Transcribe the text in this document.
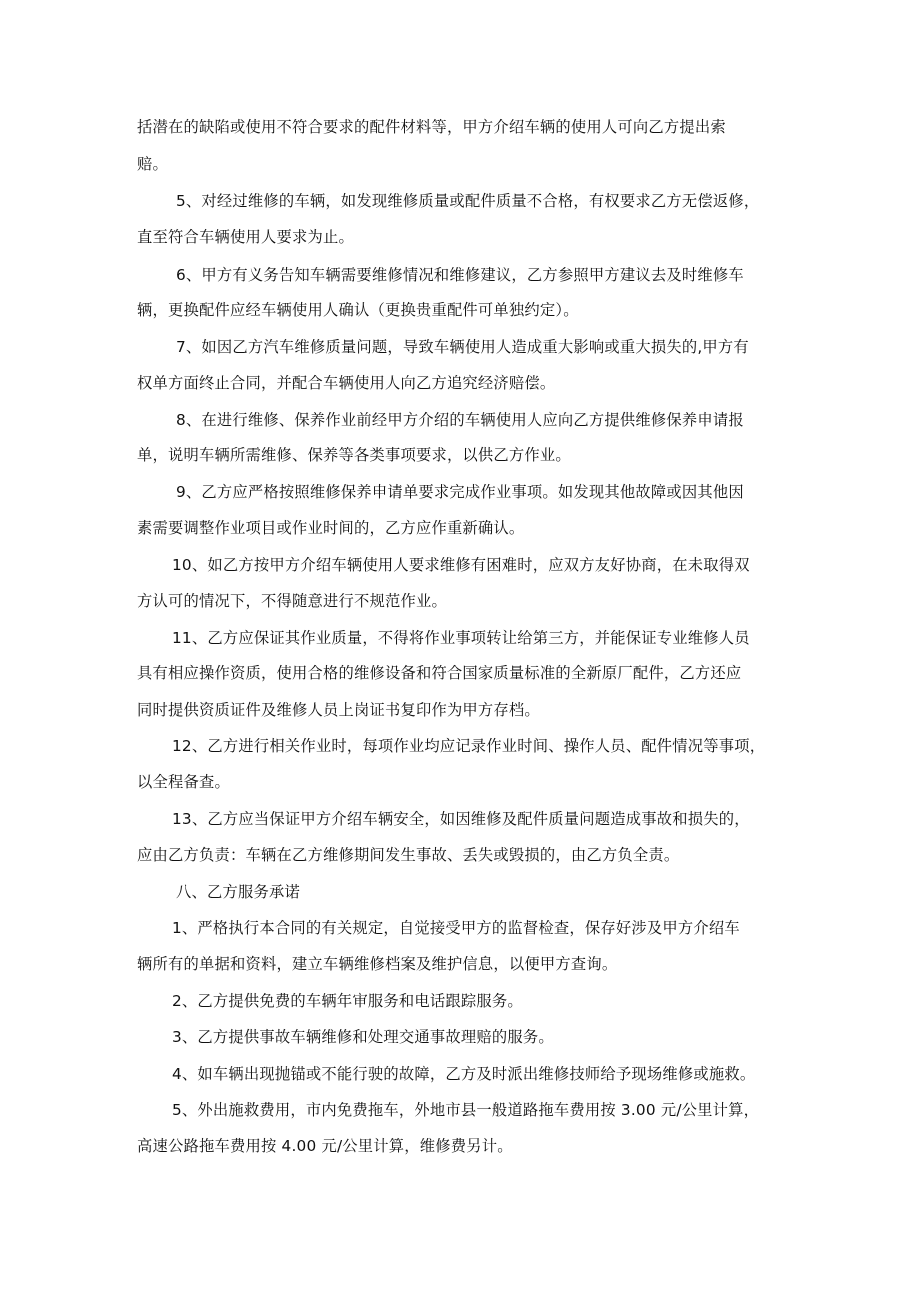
括潜在的缺陷或使用不符合要求的配件材料等，甲方介绍车辆的使用人可向乙方提出索

赔。

5、对经过维修的车辆，如发现维修质量或配件质量不合格，有权要求乙方无偿返修，

直至符合车辆使用人要求为止。

6、甲方有义务告知车辆需要维修情况和维修建议，乙方参照甲方建议去及时维修车

辆，更换配件应经车辆使用人确认（更换贵重配件可单独约定）。

7、如因乙方汽车维修质量问题，导致车辆使用人造成重大影响或重大损失的,甲方有

权单方面终止合同，并配合车辆使用人向乙方追究经济赔偿。

8、在进行维修、保养作业前经甲方介绍的车辆使用人应向乙方提供维修保养申请报

单，说明车辆所需维修、保养等各类事项要求，以供乙方作业。

9、乙方应严格按照维修保养申请单要求完成作业事项。如发现其他故障或因其他因

素需要调整作业项目或作业时间的，乙方应作重新确认。

10、如乙方按甲方介绍车辆使用人要求维修有困难时，应双方友好协商，在未取得双

方认可的情况下，不得随意进行不规范作业。

11、乙方应保证其作业质量，不得将作业事项转让给第三方，并能保证专业维修人员

具有相应操作资质，使用合格的维修设备和符合国家质量标准的全新原厂配件，乙方还应

同时提供资质证件及维修人员上岗证书复印作为甲方存档。

12、乙方进行相关作业时，每项作业均应记录作业时间、操作人员、配件情况等事项，

以全程备查。

13、乙方应当保证甲方介绍车辆安全，如因维修及配件质量问题造成事故和损失的，

应由乙方负责：车辆在乙方维修期间发生事故、丢失或毁损的，由乙方负全责。

八、乙方服务承诺

1、严格执行本合同的有关规定，自觉接受甲方的监督检查，保存好涉及甲方介绍车

辆所有的单据和资料，建立车辆维修档案及维护信息，以便甲方查询。

2、乙方提供免费的车辆年审服务和电话跟踪服务。

3、乙方提供事故车辆维修和处理交通事故理赔的服务。

4、如车辆出现抛锚或不能行驶的故障，乙方及时派出维修技师给予现场维修或施救。

5、外出施救费用，市内免费拖车，外地市县一般道路拖车费用按 3.00 元/公里计算，

高速公路拖车费用按 4.00 元/公里计算，维修费另计。
